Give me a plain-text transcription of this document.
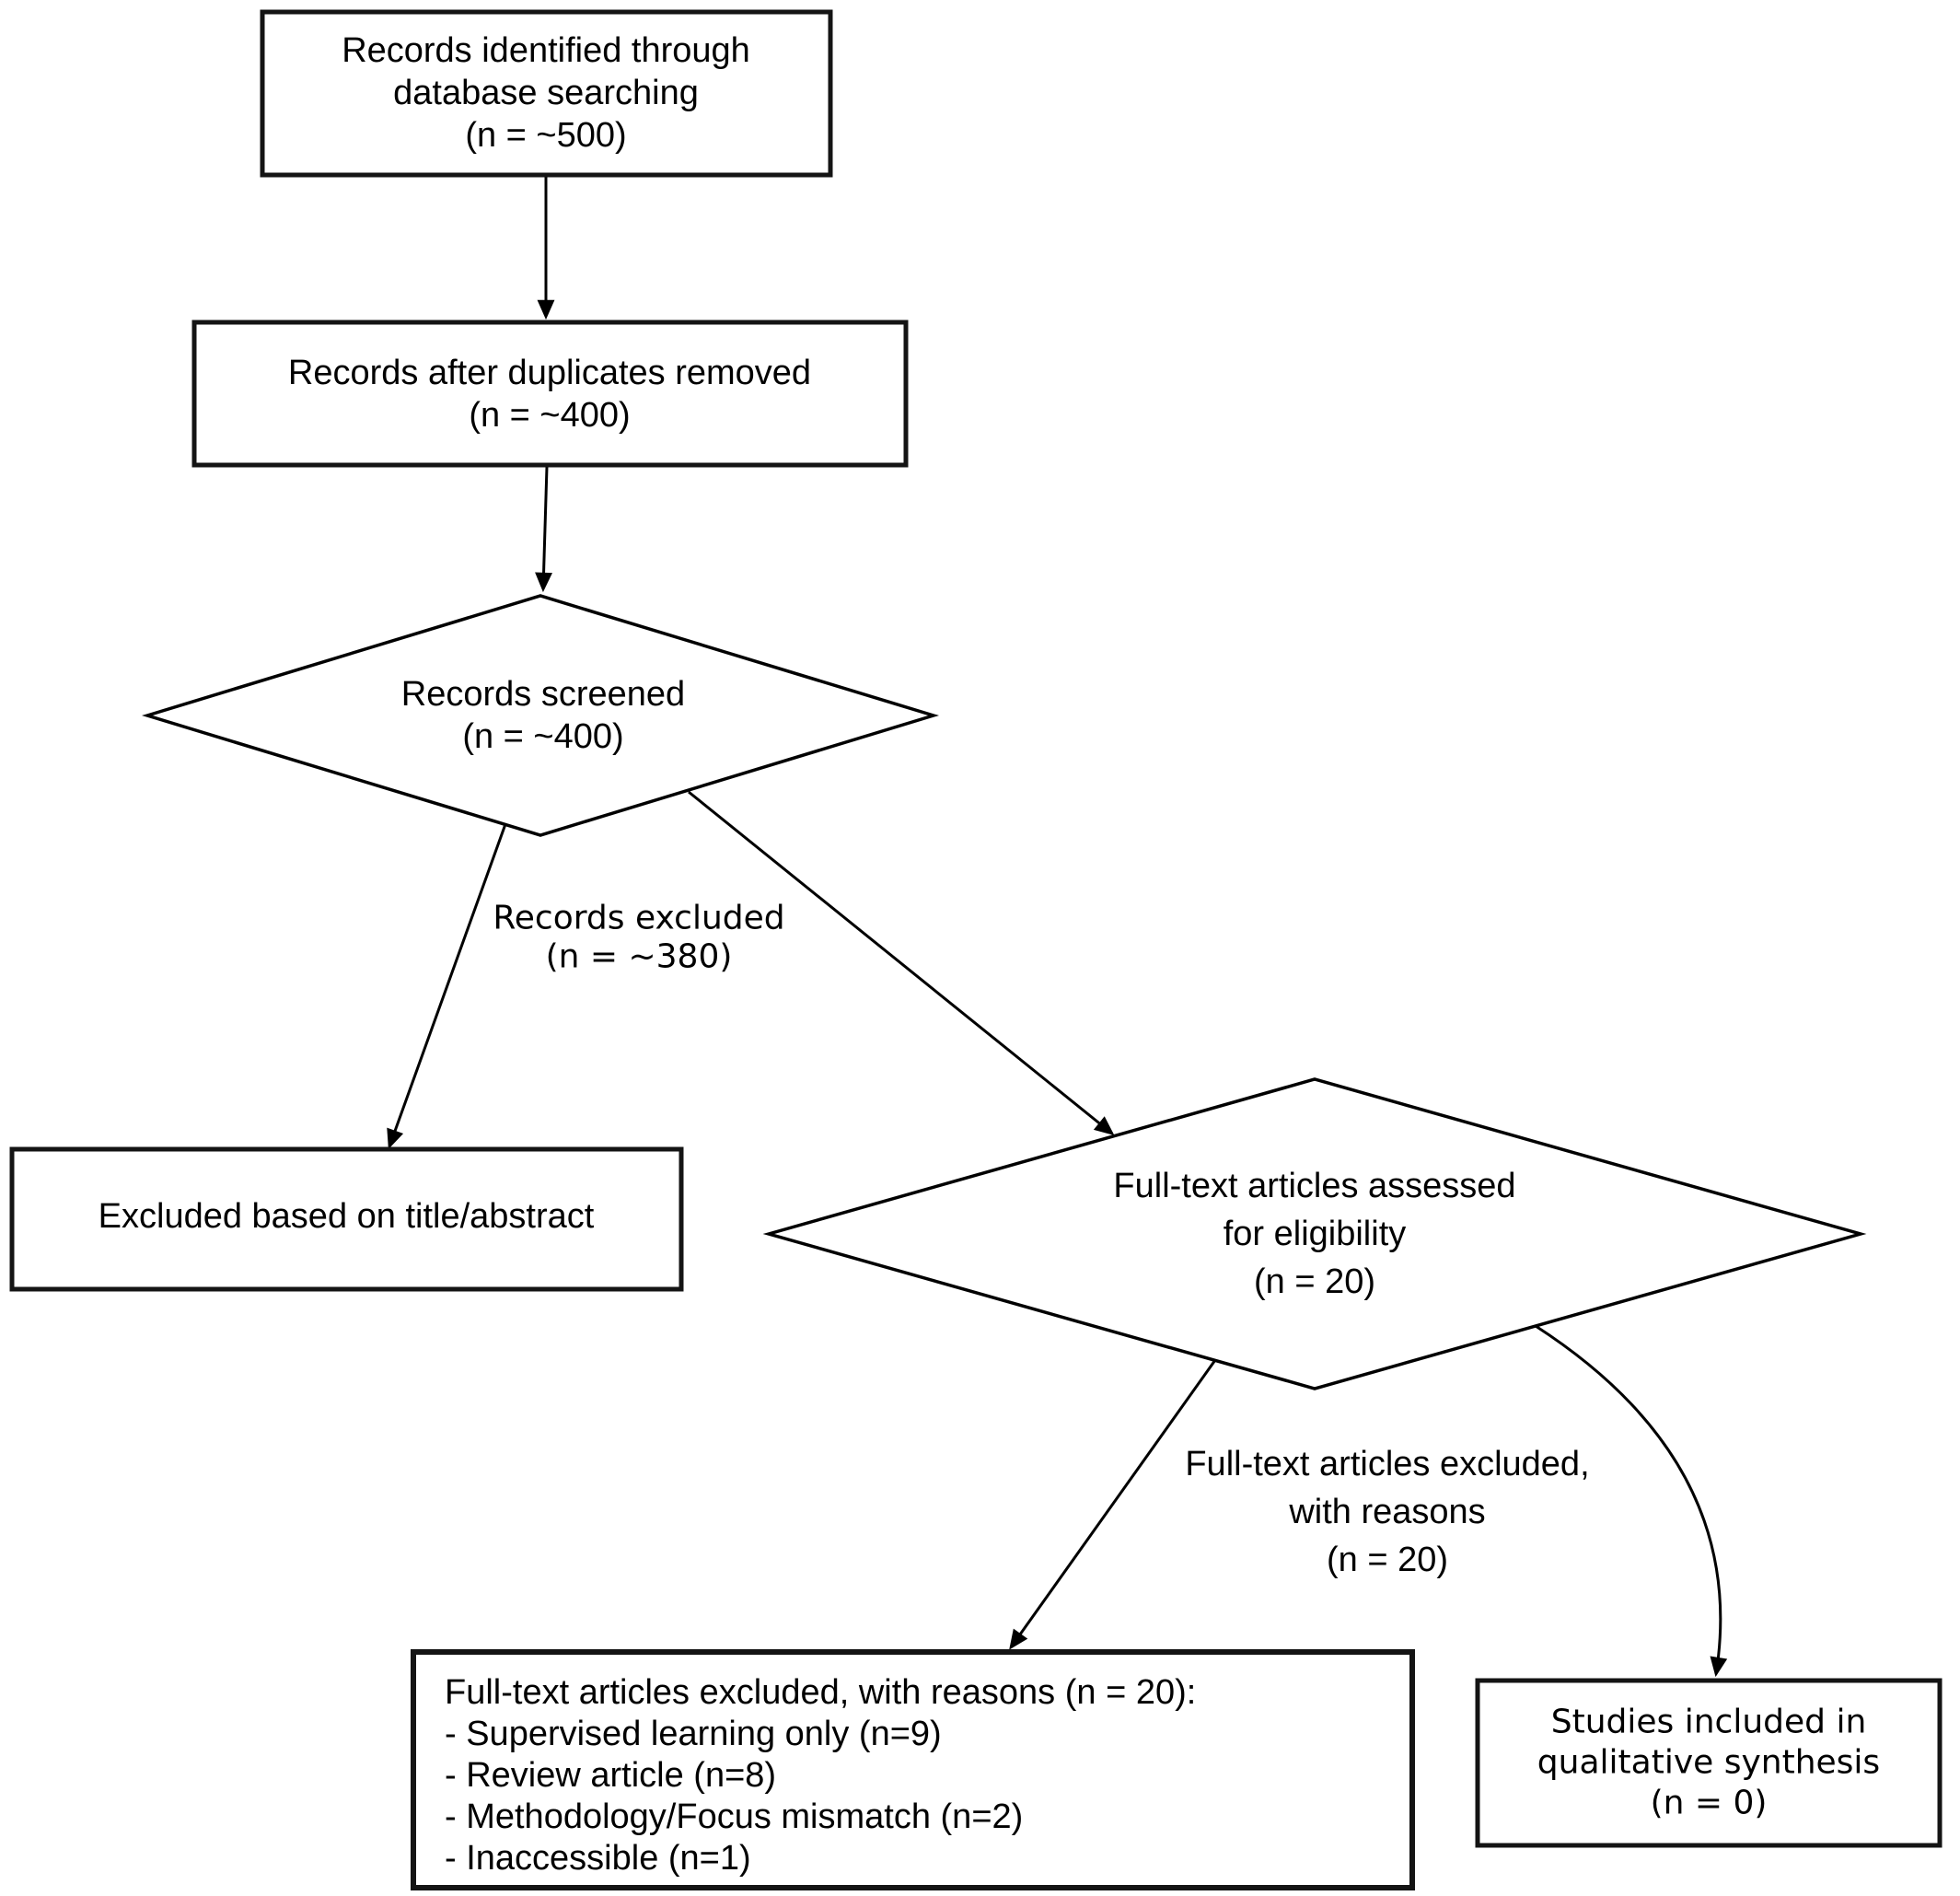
Records identified through
database searching
(n = ~500)
Records after duplicates removed
(n = ~400)
Records screened
(n = ~400)
Excluded based on title/abstract
Full-text articles assessed
for eligibility
(n = 20)
Full-text articles excluded, with reasons (n = 20):
- Supervised learning only (n=9)
- Review article (n=8)
- Methodology/Focus mismatch (n=2)
- Inaccessible (n=1)
Studies included in
qualitative synthesis
(n = 0)
Records excluded
(n = ~380)
Full-text articles excluded,
with reasons
(n = 20)
